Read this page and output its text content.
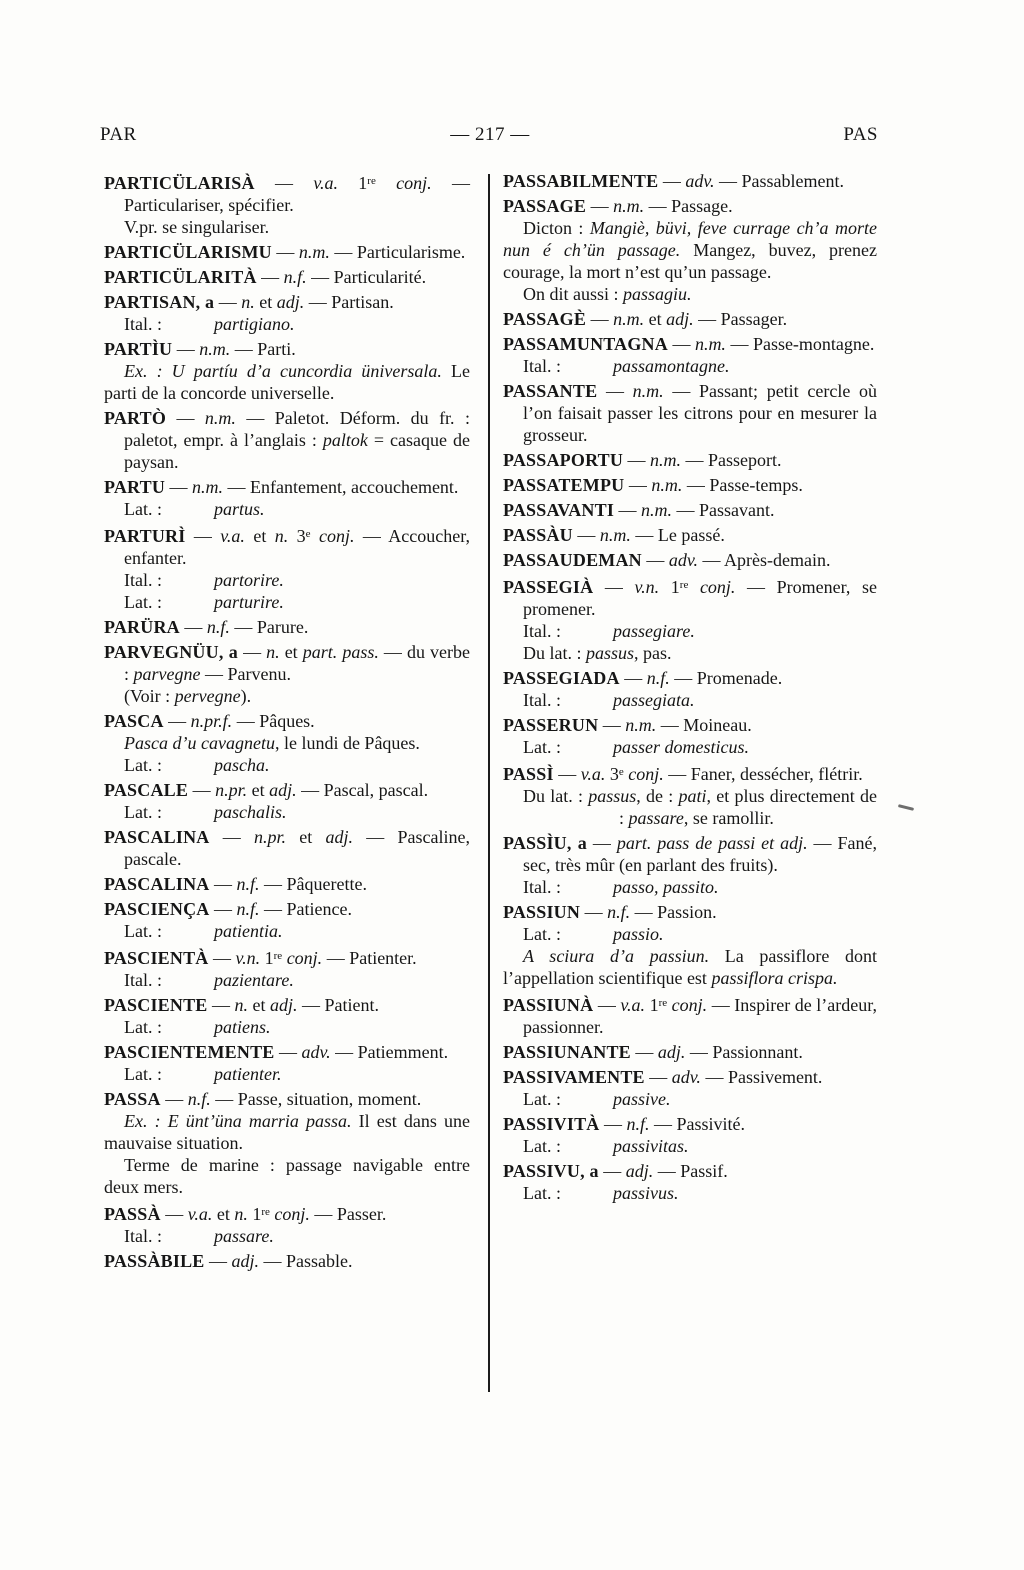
PAR	— 217 —	PAS

PARTICÜLARISÀ — v.a. 1re conj. — Particulariser, spécifier.

V.pr. se singulariser.

PARTICÜLARISMU — n.m. — Particularisme.

PARTICÜLARITÀ — n.f. — Particularité.

PARTISAN, a — n. et adj. — Partisan.

Ital. :	partigiano.

PARTÌU — n.m. — Parti.

Ex. : U partíu d’a cuncordia üniversala. Le parti de la concorde universelle.

PARTÒ — n.m. — Paletot. Déform. du fr. : paletot, empr. à l’anglais : paltok = casaque de paysan.

PARTU — n.m. — Enfantement, accouchement.

Lat. :	partus.

PARTURÌ — v.a. et n. 3e conj. — Accoucher, enfanter.

Ital. :	partorire.

Lat. :	parturire.

PARÜRA — n.f. — Parure.

PARVEGNÜU, a — n. et part. pass. — du verbe : parvegne — Parvenu.

(Voir : pervegne).

PASCA — n.pr.f. — Pâques.

Pasca d’u cavagnetu, le lundi de Pâques.

Lat. :	pascha.

PASCALE — n.pr. et adj. — Pascal, pascal.

Lat. :	paschalis.

PASCALINA — n.pr. et adj. — Pascaline, pascale.

PASCALINA — n.f. — Pâquerette.

PASCIENÇA — n.f. — Patience.

Lat. :	patientia.

PASCIENTÀ — v.n. 1re conj. — Patienter.

Ital. :	pazientare.

PASCIENTE — n. et adj. — Patient.

Lat. :	patiens.

PASCIENTEMENTE — adv. — Patiemment.

Lat. :	patienter.

PASSA — n.f. — Passe, situation, moment.

Ex. : E ünt’üna marria passa. Il est dans une mauvaise situation.

Terme de marine : passage navigable entre deux mers.

PASSÀ — v.a. et n. 1re conj. — Passer.

Ital. :	passare.

PASSÀBILE — adj. — Passable.

PASSABILMENTE — adv. — Passablement.

PASSAGE — n.m. — Passage.

Dicton : Mangiè, büvi, feve currage ch’a morte nun é ch’ün passage. Mangez, buvez, prenez courage, la mort n’est qu’un passage.

On dit aussi : passagiu.

PASSAGÈ — n.m. et adj. — Passager.

PASSAMUNTAGNA — n.m. — Passe-montagne.

Ital. :	passamontagne.

PASSANTE — n.m. — Passant; petit cercle où l’on faisait passer les citrons pour en mesurer la grosseur.

PASSAPORTU — n.m. — Passeport.

PASSATEMPU — n.m. — Passe-temps.

PASSAVANTI — n.m. — Passavant.

PASSÀU — n.m. — Le passé.

PASSAUDEMAN — adv. — Après-demain.

PASSEGIÀ — v.n. 1re conj. — Promener, se promener.

Ital. :	passegiare.

Du lat. : passus, pas.

PASSEGIADA — n.f. — Promenade.

Ital. :	passegiata.

PASSERUN — n.m. — Moineau.

Lat. :	passer domesticus.

PASSÌ — v.a. 3e conj. — Faner, dessécher, flétrir.

Du lat. : passus, de : pati, et plus directement de : passare, se ramollir.

PASSÌU, a — part. pass de passi et adj. — Fané, sec, très mûr (en parlant des fruits).

Ital. :	passo, passito.

PASSIUN — n.f. — Passion.

Lat. :	passio.

A sciura d’a passiun. La passiflore dont l’appellation scientifique est passiflora crispa.

PASSIUNÀ — v.a. 1re conj. — Inspirer de l’ardeur, passionner.

PASSIUNANTE — adj. — Passionnant.

PASSIVAMENTE — adv. — Passivement.

Lat. :	passive.

PASSIVITÀ — n.f. — Passivité.

Lat. :	passivitas.

PASSIVU, a — adj. — Passif.

Lat. :	passivus.
